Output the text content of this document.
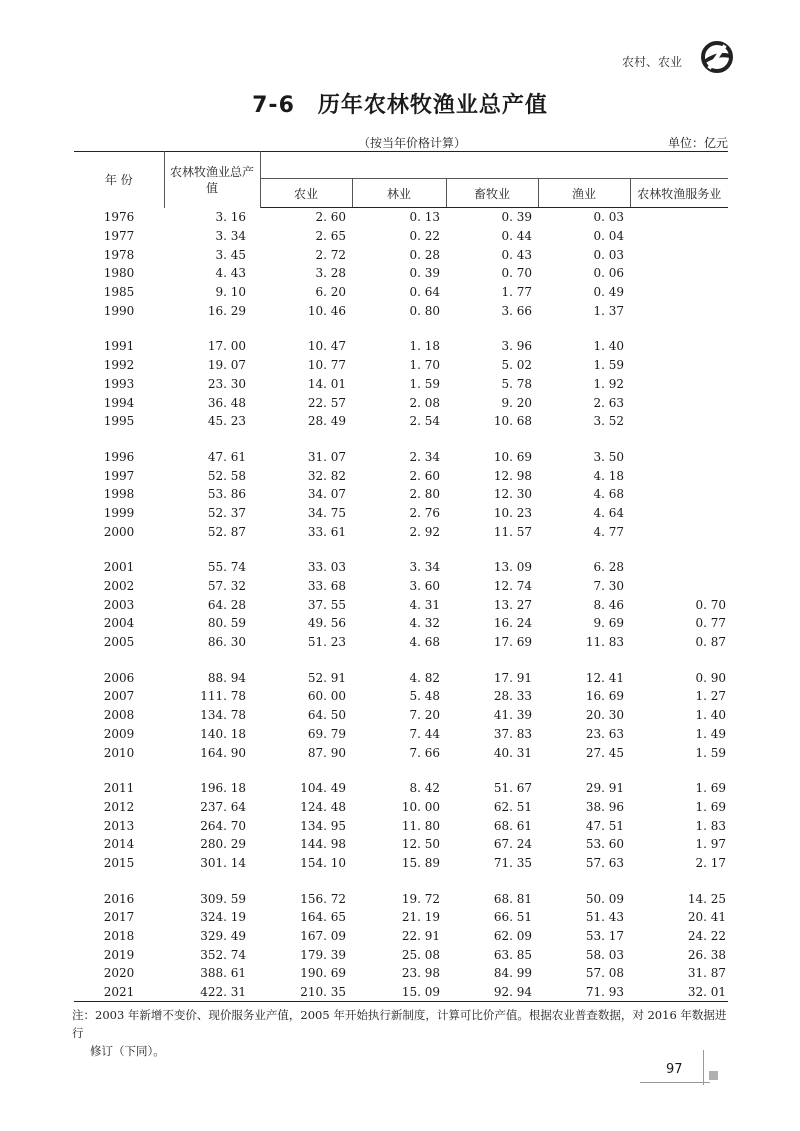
农村、农业
7-6　历年农林牧渔业总产值
（按当年价格计算）	单位：亿元
年 份	农林牧渔业总产值					
		农业	林业	畜牧业	渔业	农林牧渔服务业
1976	3. 16	2. 60	0. 13	0. 39	0. 03	
1977	3. 34	2. 65	0. 22	0. 44	0. 04	
1978	3. 45	2. 72	0. 28	0. 43	0. 03	
1980	4. 43	3. 28	0. 39	0. 70	0. 06	
1985	9. 10	6. 20	0. 64	1. 77	0. 49	
1990	16. 29	10. 46	0. 80	3. 66	1. 37	

1991	17. 00	10. 47	1. 18	3. 96	1. 40	
1992	19. 07	10. 77	1. 70	5. 02	1. 59	
1993	23. 30	14. 01	1. 59	5. 78	1. 92	
1994	36. 48	22. 57	2. 08	9. 20	2. 63	
1995	45. 23	28. 49	2. 54	10. 68	3. 52	

1996	47. 61	31. 07	2. 34	10. 69	3. 50	
1997	52. 58	32. 82	2. 60	12. 98	4. 18	
1998	53. 86	34. 07	2. 80	12. 30	4. 68	
1999	52. 37	34. 75	2. 76	10. 23	4. 64	
2000	52. 87	33. 61	2. 92	11. 57	4. 77	

2001	55. 74	33. 03	3. 34	13. 09	6. 28	
2002	57. 32	33. 68	3. 60	12. 74	7. 30	
2003	64. 28	37. 55	4. 31	13. 27	8. 46	0. 70
2004	80. 59	49. 56	4. 32	16. 24	9. 69	0. 77
2005	86. 30	51. 23	4. 68	17. 69	11. 83	0. 87

2006	88. 94	52. 91	4. 82	17. 91	12. 41	0. 90
2007	111. 78	60. 00	5. 48	28. 33	16. 69	1. 27
2008	134. 78	64. 50	7. 20	41. 39	20. 30	1. 40
2009	140. 18	69. 79	7. 44	37. 83	23. 63	1. 49
2010	164. 90	87. 90	7. 66	40. 31	27. 45	1. 59

2011	196. 18	104. 49	8. 42	51. 67	29. 91	1. 69
2012	237. 64	124. 48	10. 00	62. 51	38. 96	1. 69
2013	264. 70	134. 95	11. 80	68. 61	47. 51	1. 83
2014	280. 29	144. 98	12. 50	67. 24	53. 60	1. 97
2015	301. 14	154. 10	15. 89	71. 35	57. 63	2. 17

2016	309. 59	156. 72	19. 72	68. 81	50. 09	14. 25
2017	324. 19	164. 65	21. 19	66. 51	51. 43	20. 41
2018	329. 49	167. 09	22. 91	62. 09	53. 17	24. 22
2019	352. 74	179. 39	25. 08	63. 85	58. 03	26. 38
2020	388. 61	190. 69	23. 98	84. 99	57. 08	31. 87
2021	422. 31	210. 35	15. 09	92. 94	71. 93	32. 01
注：2003 年新增不变价、现价服务业产值，2005 年开始执行新制度，计算可比价产值。根据农业普查数据，对 2016 年数据进行
修订（下同）。
97
